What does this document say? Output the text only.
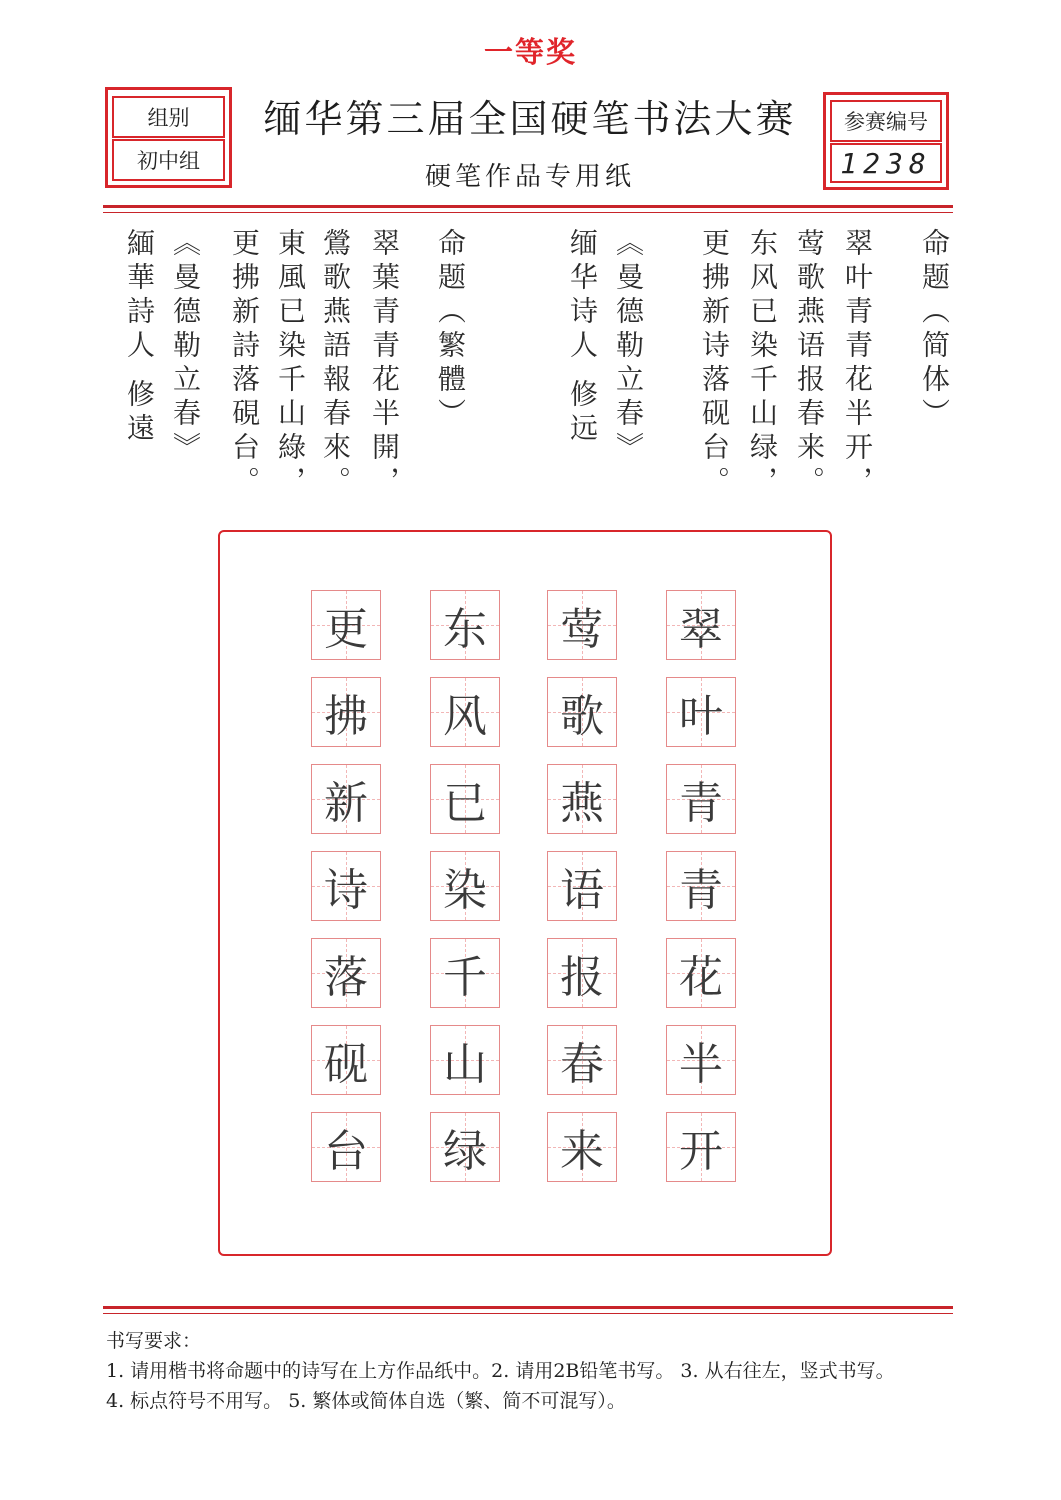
一等奖
组别
初中组
缅华第三届全国硬笔书法大赛
硬笔作品专用纸
参赛编号
1238
命题（简体）
翠叶青青花半开，
莺歌燕语报春来。
东风已染千山绿，
更拂新诗落砚台。
《曼德勒立春》
缅华诗人 修远
命题（繁體）
翠葉青青花半開，
鶯歌燕語報春來。
東風已染千山綠，
更拂新詩落硯台。
《曼德勒立春》
緬華詩人 修遠
翠
叶
青
青
花
半
开
莺
歌
燕
语
报
春
来
东
风
已
染
千
山
绿
更
拂
新
诗
落
砚
台
书写要求：
1. 请用楷书将命题中的诗写在上方作品纸中。2. 请用2B铅笔书写。 3. 从右往左，竖式书写。
4. 标点符号不用写。 5. 繁体或简体自选（繁、简不可混写）。
